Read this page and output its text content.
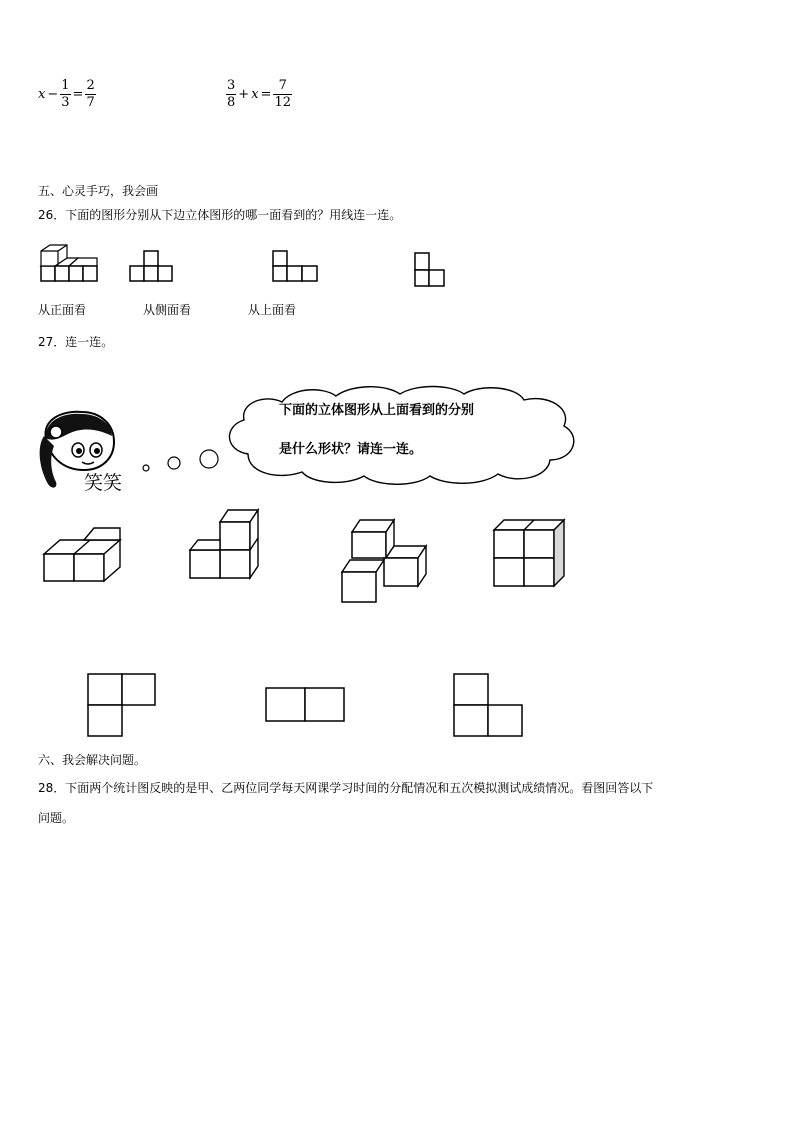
$x - \frac{1}{3} = \frac{2}{7}$	$\frac{3}{8} + x = \frac{7}{12}$
五、心灵手巧，我会画
26．下面的图形分别从下边立体图形的哪一面看到的？用线连一连。
从正面看	从侧面看	从上面看
27．连一连。
笑笑
下面的立体图形从上面看到的分别
是什么形状？请连一连。
六、我会解决问题。
28．下面两个统计图反映的是甲、乙两位同学每天网课学习时间的分配情况和五次模拟测试成绩情况。看图回答以下
问题。
